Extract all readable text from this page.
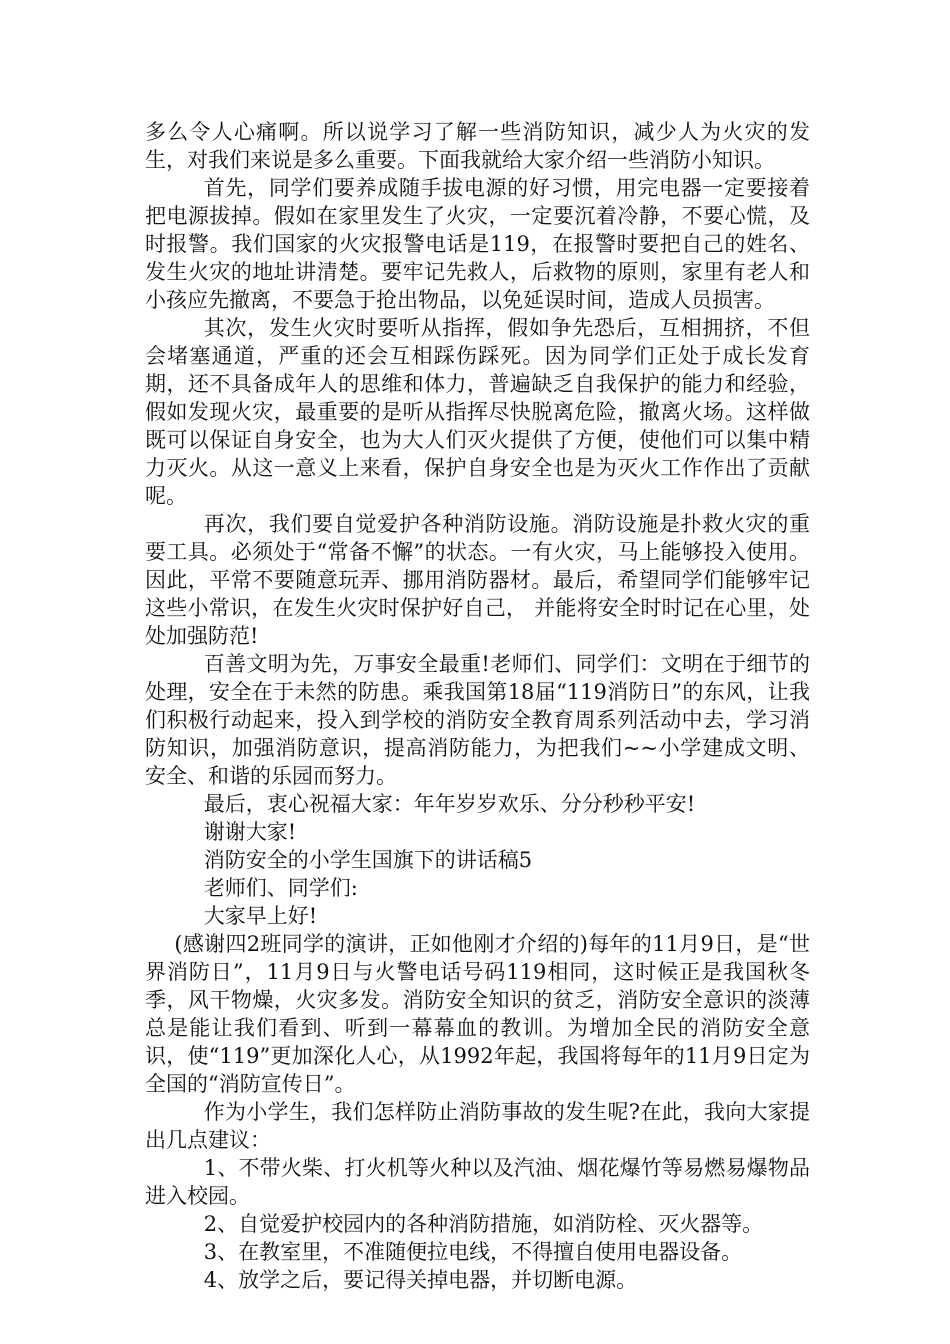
多么令人心痛啊。所以说学习了解一些消防知识，减少人为火灾的发生，对我们来说是多么重要。下面我就给大家介绍一些消防小知识。

首先，同学们要养成随手拔电源的好习惯，用完电器一定要接着把电源拔掉。假如在家里发生了火灾，一定要沉着冷静，不要心慌，及时报警。我们国家的火灾报警电话是119，在报警时要把自己的姓名、发生火灾的地址讲清楚。要牢记先救人，后救物的原则，家里有老人和小孩应先撤离，不要急于抢出物品，以免延误时间，造成人员损害。

其次，发生火灾时要听从指挥，假如争先恐后，互相拥挤，不但会堵塞通道，严重的还会互相踩伤踩死。因为同学们正处于成长发育期，还不具备成年人的思维和体力，普遍缺乏自我保护的能力和经验，假如发现火灾，最重要的是听从指挥尽快脱离危险，撤离火场。这样做既可以保证自身安全，也为大人们灭火提供了方便，使他们可以集中精力灭火。从这一意义上来看，保护自身安全也是为灭火工作作出了贡献呢。

再次，我们要自觉爱护各种消防设施。消防设施是扑救火灾的重要工具。必须处于“常备不懈”的状态。一有火灾，马上能够投入使用。因此，平常不要随意玩弄、挪用消防器材。最后，希望同学们能够牢记这些小常识，在发生火灾时保护好自己， 并能将安全时时记在心里，处处加强防范!

百善文明为先，万事安全最重!老师们、同学们：文明在于细节的处理，安全在于未然的防患。乘我国第18届“119消防日”的东风，让我们积极行动起来，投入到学校的消防安全教育周系列活动中去，学习消防知识，加强消防意识，提高消防能力，为把我们~~小学建成文明、安全、和谐的乐园而努力。

最后，衷心祝福大家：年年岁岁欢乐、分分秒秒平安!

谢谢大家!

消防安全的小学生国旗下的讲话稿5

老师们、同学们:

大家早上好!

(感谢四2班同学的演讲，正如他刚才介绍的)每年的11月9日，是“世界消防日”，11月9日与火警电话号码119相同，这时候正是我国秋冬季，风干物燥，火灾多发。消防安全知识的贫乏，消防安全意识的淡薄总是能让我们看到、听到一幕幕血的教训。为增加全民的消防安全意识，使“119”更加深化人心，从1992年起，我国将每年的11月9日定为全国的“消防宣传日”。

作为小学生，我们怎样防止消防事故的发生呢?在此，我向大家提出几点建议：

1、不带火柴、打火机等火种以及汽油、烟花爆竹等易燃易爆物品进入校园。

2、自觉爱护校园内的各种消防措施，如消防栓、灭火器等。

3、在教室里，不准随便拉电线，不得擅自使用电器设备。

4、放学之后，要记得关掉电器，并切断电源。
